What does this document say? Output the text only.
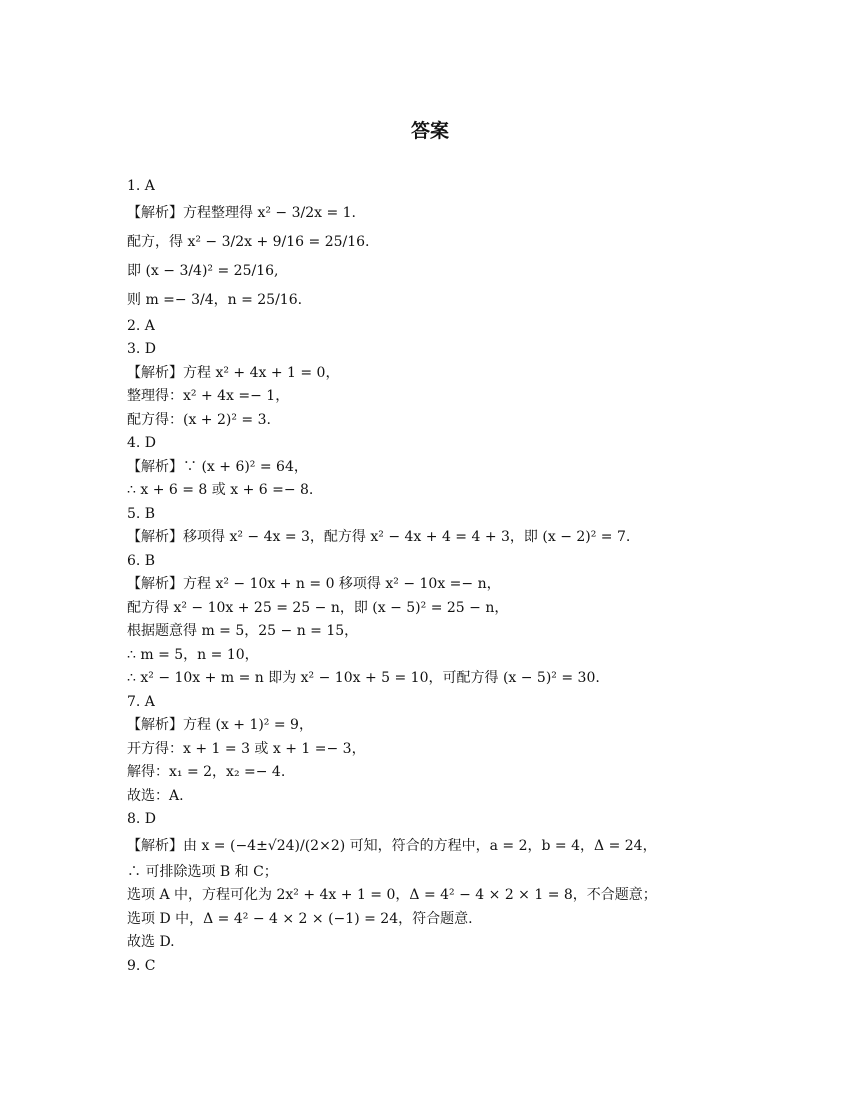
答案
1. A
【解析】方程整理得 x² − 3/2x = 1.
配方，得 x² − 3/2x + 9/16 = 25/16.
即 (x − 3/4)² = 25/16,
则 m =− 3/4，n = 25/16.
2. A
3. D
【解析】方程 x² + 4x + 1 = 0，
整理得：x² + 4x =− 1，
配方得：(x + 2)² = 3.
4. D
【解析】∵ (x + 6)² = 64，
∴ x + 6 = 8 或 x + 6 =− 8.
5. B
【解析】移项得 x² − 4x = 3，配方得 x² − 4x + 4 = 4 + 3，即 (x − 2)² = 7.
6. B
【解析】方程 x² − 10x + n = 0 移项得 x² − 10x =− n，
配方得 x² − 10x + 25 = 25 − n，即 (x − 5)² = 25 − n，
根据题意得 m = 5，25 − n = 15，
∴ m = 5，n = 10，
∴ x² − 10x + m = n 即为 x² − 10x + 5 = 10，可配方得 (x − 5)² = 30.
7. A
【解析】方程 (x + 1)² = 9，
开方得：x + 1 = 3 或 x + 1 =− 3，
解得：x₁ = 2，x₂ =− 4.
故选：A.
8. D
【解析】由 x = (−4±√24)/(2×2) 可知，符合的方程中，a = 2，b = 4，Δ = 24，
∴ 可排除选项 B 和 C；
选项 A 中，方程可化为 2x² + 4x + 1 = 0，Δ = 4² − 4 × 2 × 1 = 8，不合题意；
选项 D 中，Δ = 4² − 4 × 2 × (−1) = 24，符合题意.
故选 D.
9. C
